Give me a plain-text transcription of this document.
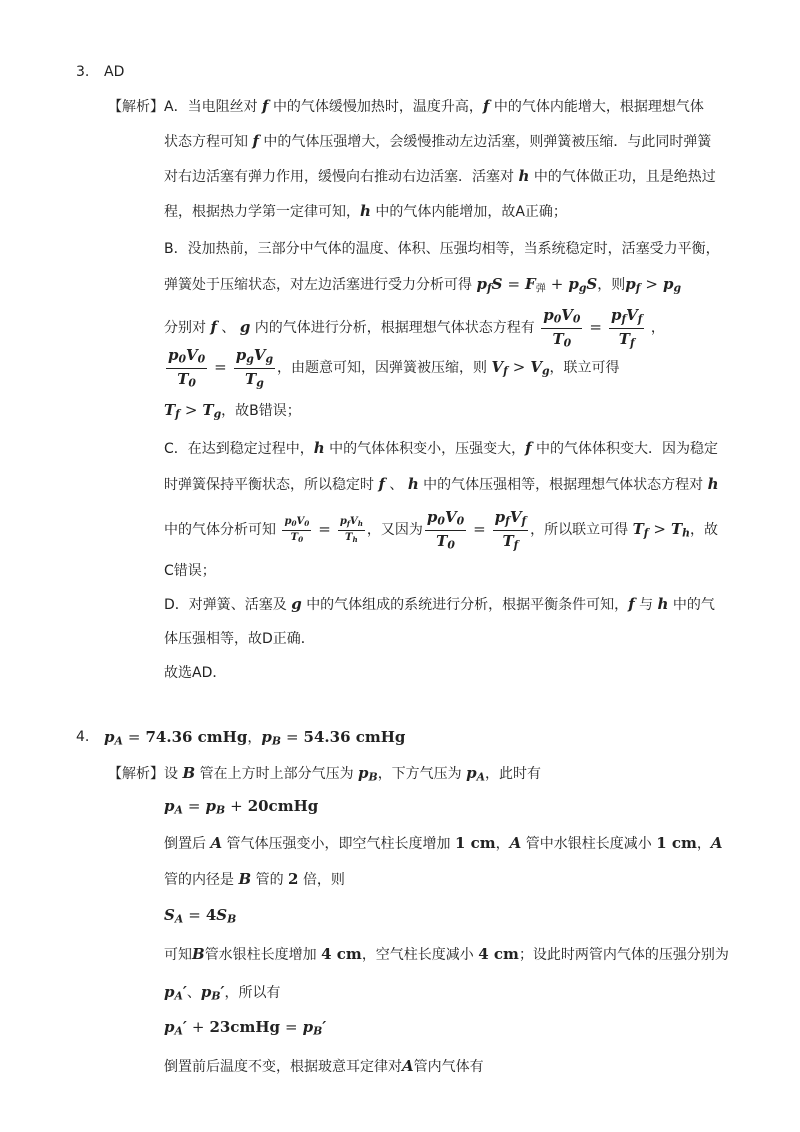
3. AD
【解析】A．当电阻丝对 f 中的气体缓慢加热时，温度升高，f 中的气体内能增大，根据理想气体
状态方程可知 f 中的气体压强增大，会缓慢推动左边活塞，则弹簧被压缩．与此同时弹簧
对右边活塞有弹力作用，缓慢向右推动右边活塞．活塞对 h 中的气体做正功，且是绝热过
程，根据热力学第一定律可知，h 中的气体内能增加，故A正确；
B．没加热前，三部分中气体的温度、体积、压强均相等，当系统稳定时，活塞受力平衡，
弹簧处于压缩状态，对左边活塞进行受力分析可得 $p_fS = F_弹 + p_gS$，则$p_f > p_g$
分别对 f 、 g 内的气体进行分析，根据理想气体状态方程有 $\frac{p_0V_0}{T_0} = \frac{p_fV_f}{T_f}$ ，
$\frac{p_0V_0}{T_0} = \frac{p_gV_g}{T_g}$ ，由题意可知，因弹簧被压缩，则 $V_f > V_g$，联立可得
$T_f > T_g$，故B错误；
C．在达到稳定过程中，h 中的气体体积变小，压强变大，f 中的气体体积变大．因为稳定
时弹簧保持平衡状态，所以稳定时 f 、 h 中的气体压强相等，根据理想气体状态方程对 h
中的气体分析可知 $\frac{p_0V_0}{T_0} = \frac{p_fV_h}{T_h}$ ，又因为 $\frac{p_0V_0}{T_0} = \frac{p_fV_f}{T_f}$ ，所以联立可得 $T_f > T_h$，故
C错误；
D．对弹簧、活塞及 g 中的气体组成的系统进行分析，根据平衡条件可知，f 与 h 中的气
体压强相等，故D正确．
故选AD．
4. $p_A = 74.36$ cmHg，$p_B = 54.36$ cmHg
【解析】设 B 管在上方时上部分气压为 $p_B$，下方气压为 $p_A$，此时有
$p_A = p_B$ + 20cmHg
倒置后 A 管气体压强变小，即空气柱长度增加 1 cm，A 管中水银柱长度减小 1 cm，A
管的内径是 B 管的 2 倍，则
$S_A = 4S_B$
可知B管水银柱长度增加 4 cm，空气柱长度减小 4 cm；设此时两管内气体的压强分别为
$p_A'$、$p_B'$，所以有
$p_A'$ + 23cmHg = $p_B'$
倒置前后温度不变，根据玻意耳定律对A管内气体有
